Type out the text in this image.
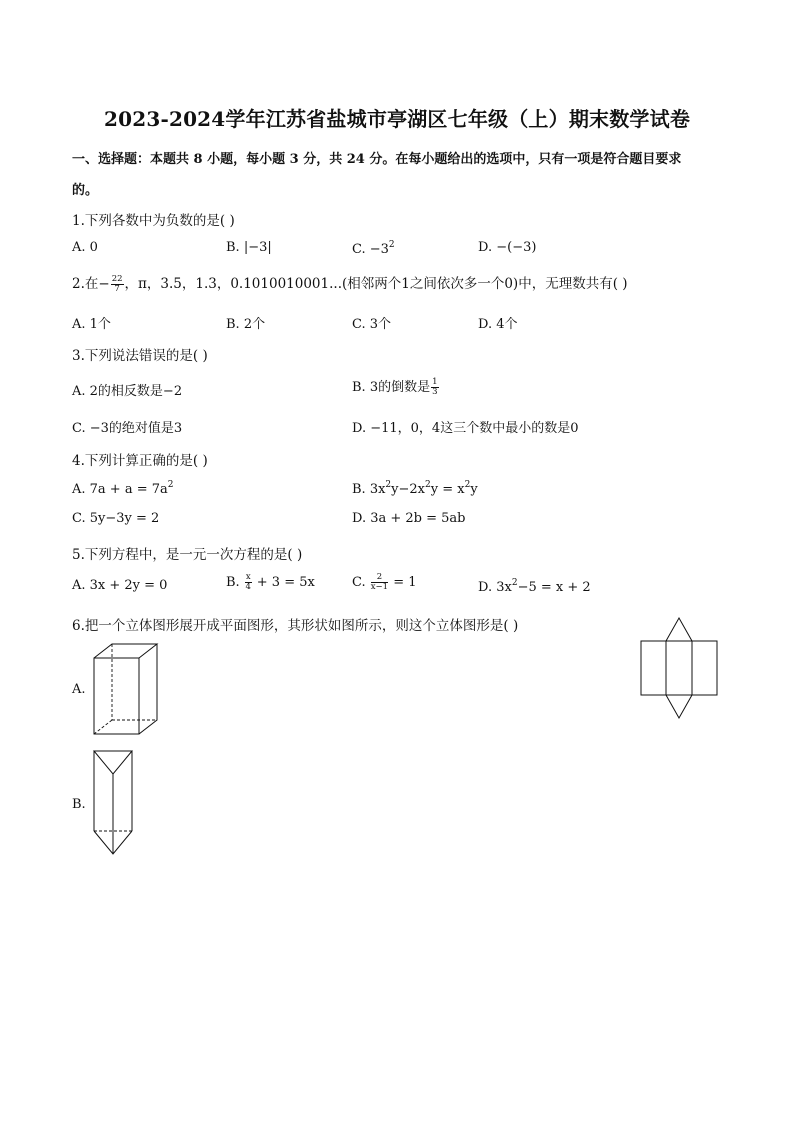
2023-2024学年江苏省盐城市亭湖区七年级（上）期末数学试卷
一、选择题：本题共 8 小题，每小题 3 分，共 24 分。在每小题给出的选项中，只有一项是符合题目要求
的。
1.下列各数中为负数的是( )
A. 0	B. |−3|	C. $-3^2$	D. −(−3)
2.在− $\frac{22}{7}$ ，π，3.5，1.3，0.1010010001...(相邻两个1之间依次多一个0)中，无理数共有( )
A. 1个	B. 2个	C. 3个	D. 4个
3.下列说法错误的是( )
A. 2的相反数是−2	B. 3的倒数是 $\frac{1}{3}$
C. −3的绝对值是3	D. −11，0，4这三个数中最小的数是0
4.下列计算正确的是( )
A. $7a + a = 7a^2$	B. $3x^2y-2x^2y = x^2y$
C. 5y−3y = 2	D. 3a + 2b = 5ab
5.下列方程中，是一元一次方程的是( )
A. 3x + 2y = 0	B. $\frac{x}{4} + 3 = 5x$	C. $\frac{2}{x-1} = 1$	D. $3x^2-5 = x + 2$
6.把一个立体图形展开成平面图形，其形状如图所示，则这个立体图形是( )
A.
B.
